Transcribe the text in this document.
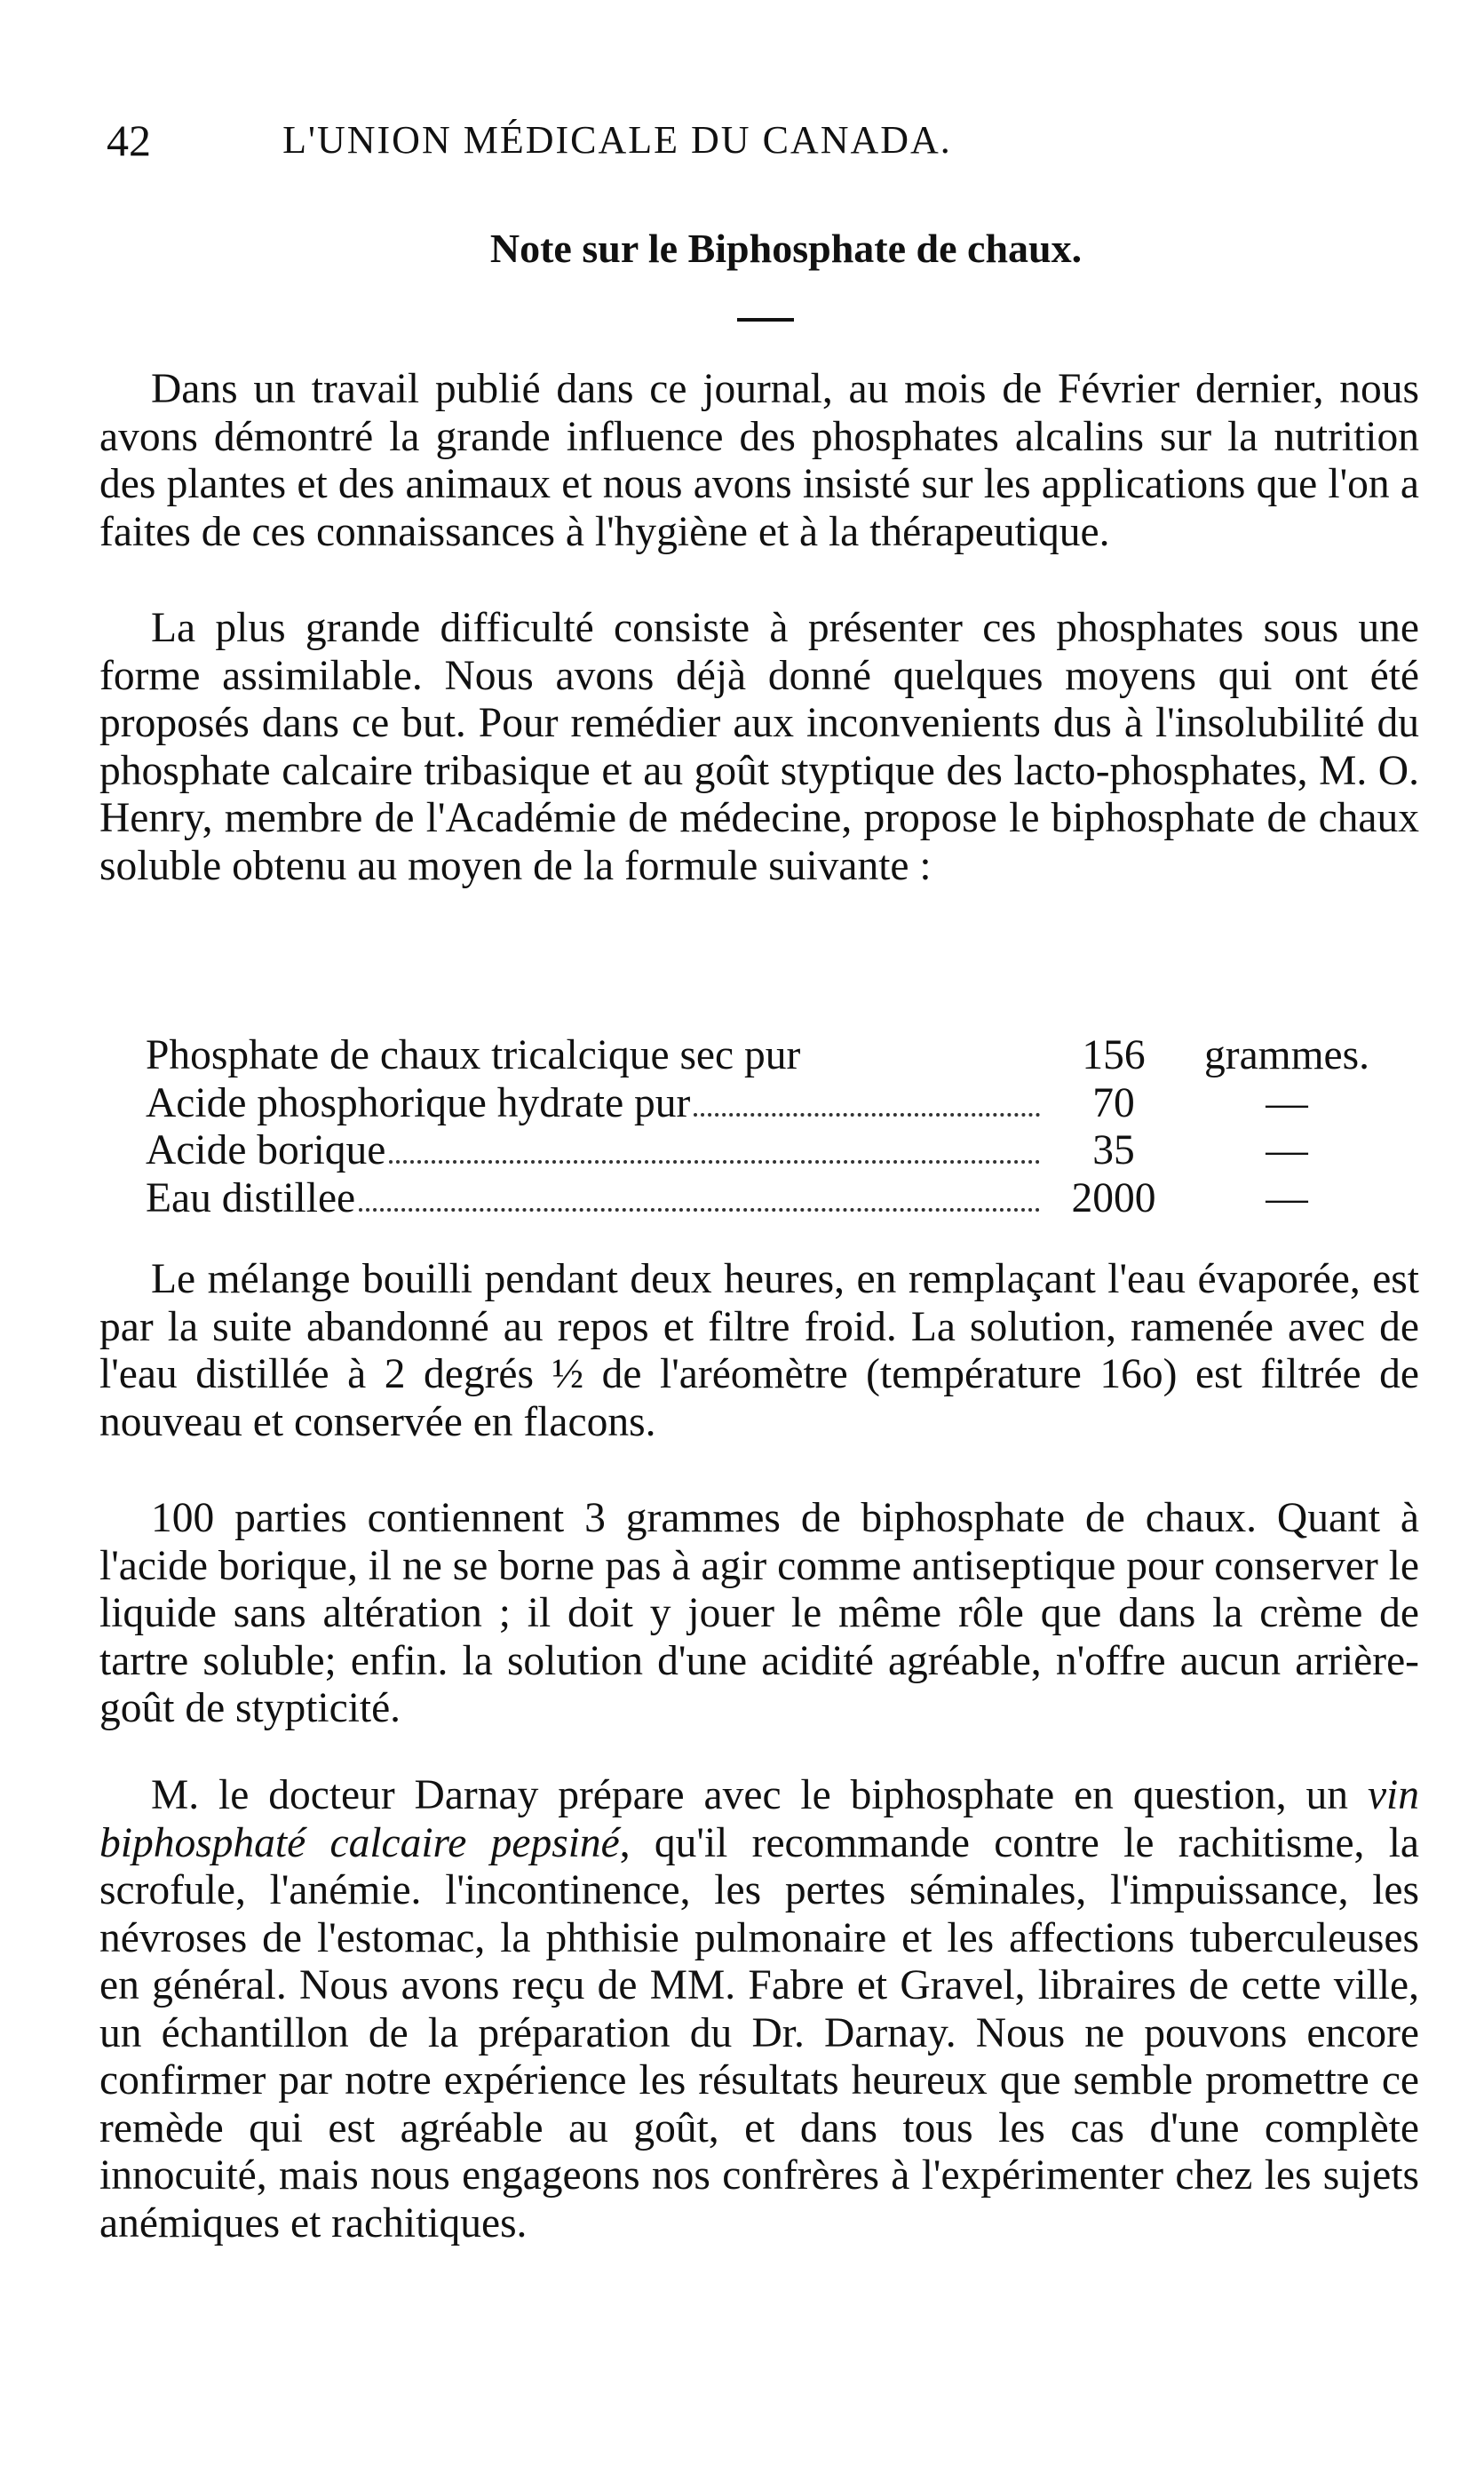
42	L'UNION MÉDICALE DU CANADA.
Note sur le Biphosphate de chaux.

Dans un travail publié dans ce journal, au mois de Février dernier, nous avons démontré la grande influence des phosphates alcalins sur la nutrition des plantes et des animaux et nous avons insisté sur les applications que l'on a faites de ces connaissances à l'hygiène et à la thérapeutique.

La plus grande difficulté consiste à présenter ces phosphates sous une forme assimilable. Nous avons déjà donné quelques moyens qui ont été proposés dans ce but. Pour remédier aux inconvenients dus à l'insolubilité du phosphate calcaire tribasique et au goût styptique des lacto-phosphates, M. O. Henry, membre de l'Académie de médecine, propose le biphosphate de chaux soluble obtenu au moyen de la formule suivante :

Phosphate de chaux tricalcique sec pur	156	grammes.
Acide phosphorique hydrate pur	70	—
Acide borique	35	—
Eau distillee	2000	—

Le mélange bouilli pendant deux heures, en remplaçant l'eau évaporée, est par la suite abandonné au repos et filtre froid. La solution, ramenée avec de l'eau distillée à 2 degrés ½ de l'aréomètre (température 16o) est filtrée de nouveau et conservée en flacons.

100 parties contiennent 3 grammes de biphosphate de chaux. Quant à l'acide borique, il ne se borne pas à agir comme antiseptique pour conserver le liquide sans altération ; il doit y jouer le même rôle que dans la crème de tartre soluble; enfin. la solution d'une acidité agréable, n'offre aucun arrière-goût de stypticité.

M. le docteur Darnay prépare avec le biphosphate en question, un vin biphosphaté calcaire pepsiné, qu'il recommande contre le rachitisme, la scrofule, l'anémie. l'incontinence, les pertes séminales, l'impuissance, les névroses de l'estomac, la phthisie pulmonaire et les affections tuberculeuses en général. Nous avons reçu de MM. Fabre et Gravel, libraires de cette ville, un échantillon de la préparation du Dr. Darnay. Nous ne pouvons encore confirmer par notre expérience les résultats heureux que semble promettre ce remède qui est agréable au goût, et dans tous les cas d'une complète innocuité, mais nous engageons nos confrères à l'expérimenter chez les sujets anémiques et rachitiques.
